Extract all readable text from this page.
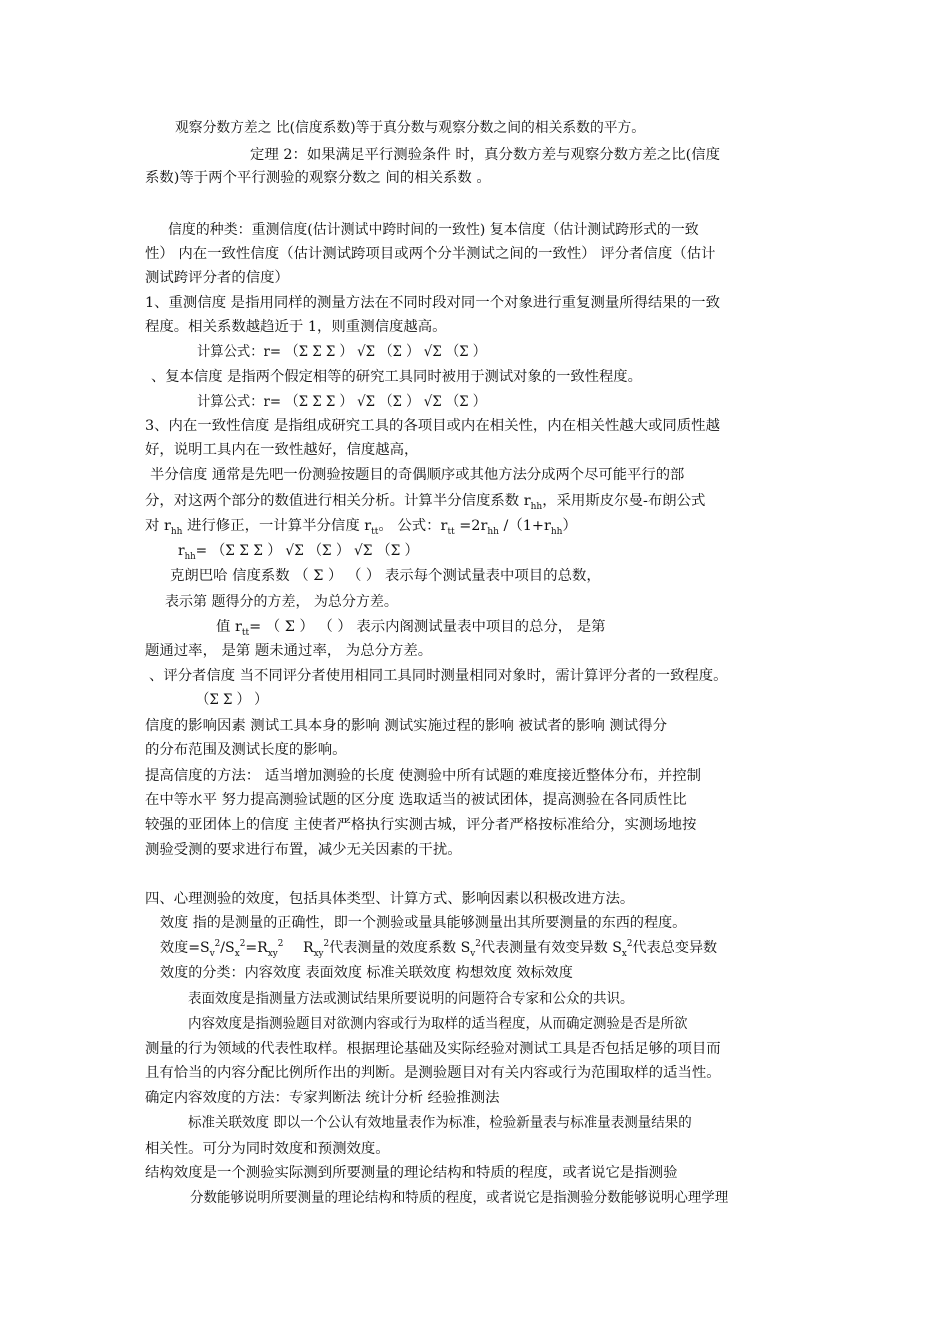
观察分数方差之 比(信度系数)等于真分数与观察分数之间的相关系数的平方。
定理 2：如果满足平行测验条件 时，真分数方差与观察分数方差之比(信度
系数)等于两个平行测验的观察分数之 间的相关系数 。
信度的种类：重测信度(估计测试中跨时间的一致性) 复本信度（估计测试跨形式的一致
性） 内在一致性信度（估计测试跨项目或两个分半测试之间的一致性） 评分者信度（估计
测试跨评分者的信度）
1、重测信度 是指用同样的测量方法在不同时段对同一个对象进行重复测量所得结果的一致
程度。相关系数越趋近于 1，则重测信度越高。
计算公式：r= （Σ Σ Σ ） √Σ （Σ ） √Σ （Σ ）
、复本信度 是指两个假定相等的研究工具同时被用于测试对象的一致性程度。
计算公式：r= （Σ Σ Σ ） √Σ （Σ ） √Σ （Σ ）
3、内在一致性信度 是指组成研究工具的各项目或内在相关性，内在相关性越大或同质性越
好，说明工具内在一致性越好，信度越高，
半分信度 通常是先吧一份测验按题目的奇偶顺序或其他方法分成两个尽可能平行的部
分，对这两个部分的数值进行相关分析。计算半分信度系数 $r_{hh}$，采用斯皮尔曼-布朗公式
对 $r_{hh}$ 进行修正，一计算半分信度 $r_{tt}$。 公式：$r_{tt} =2r_{hh}$ $/(1+r_{hh})$
$r_{hh}= (\Sigma$ Σ Σ ） √Σ （Σ ） √Σ （Σ ）
克朗巴哈 信度系数 （ Σ ） （ ） 表示每个测试量表中项目的总数，
表示第 题得分的方差， 为总分方差。
值 $r_{tt}=$ （ Σ ） （ ） 表示内阁测试量表中项目的总分， 是第
题通过率， 是第 题未通过率， 为总分方差。
、评分者信度 当不同评分者使用相同工具同时测量相同对象时，需计算评分者的一致程度。
（Σ Σ ） ）
信度的影响因素 测试工具本身的影响 测试实施过程的影响 被试者的影响 测试得分
的分布范围及测试长度的影响。
提高信度的方法： 适当增加测验的长度 使测验中所有试题的难度接近整体分布，并控制
在中等水平 努力提高测验试题的区分度 选取适当的被试团体，提高测验在各同质性比
较强的亚团体上的信度 主使者严格执行实测古城，评分者严格按标准给分，实测场地按
测验受测的要求进行布置，减少无关因素的干扰。
四、心理测验的效度，包括具体类型、计算方式、影响因素以积极改进方法。
效度 指的是测量的正确性，即一个测验或量具能够测量出其所要测量的东西的程度。
效度$=S_v^2/S_x^2=R_{xy}^2$ $R_{xy}^2$代表测量的效度系数 $S_v^2$代表测量有效变异数 $S_x^2$代表总变异数
效度的分类：内容效度 表面效度 标准关联效度 构想效度 效标效度
表面效度是指测量方法或测试结果所要说明的问题符合专家和公众的共识。
内容效度是指测验题目对欲测内容或行为取样的适当程度，从而确定测验是否是所欲
测量的行为领域的代表性取样。根据理论基础及实际经验对测试工具是否包括足够的项目而
且有恰当的内容分配比例所作出的判断。是测验题目对有关内容或行为范围取样的适当性。
确定内容效度的方法：专家判断法 统计分析 经验推测法
标准关联效度 即以一个公认有效地量表作为标准，检验新量表与标准量表测量结果的
相关性。可分为同时效度和预测效度。
结构效度是一个测验实际测到所要测量的理论结构和特质的程度，或者说它是指测验
分数能够说明所要测量的理论结构和特质的程度，或者说它是指测验分数能够说明心理学理
